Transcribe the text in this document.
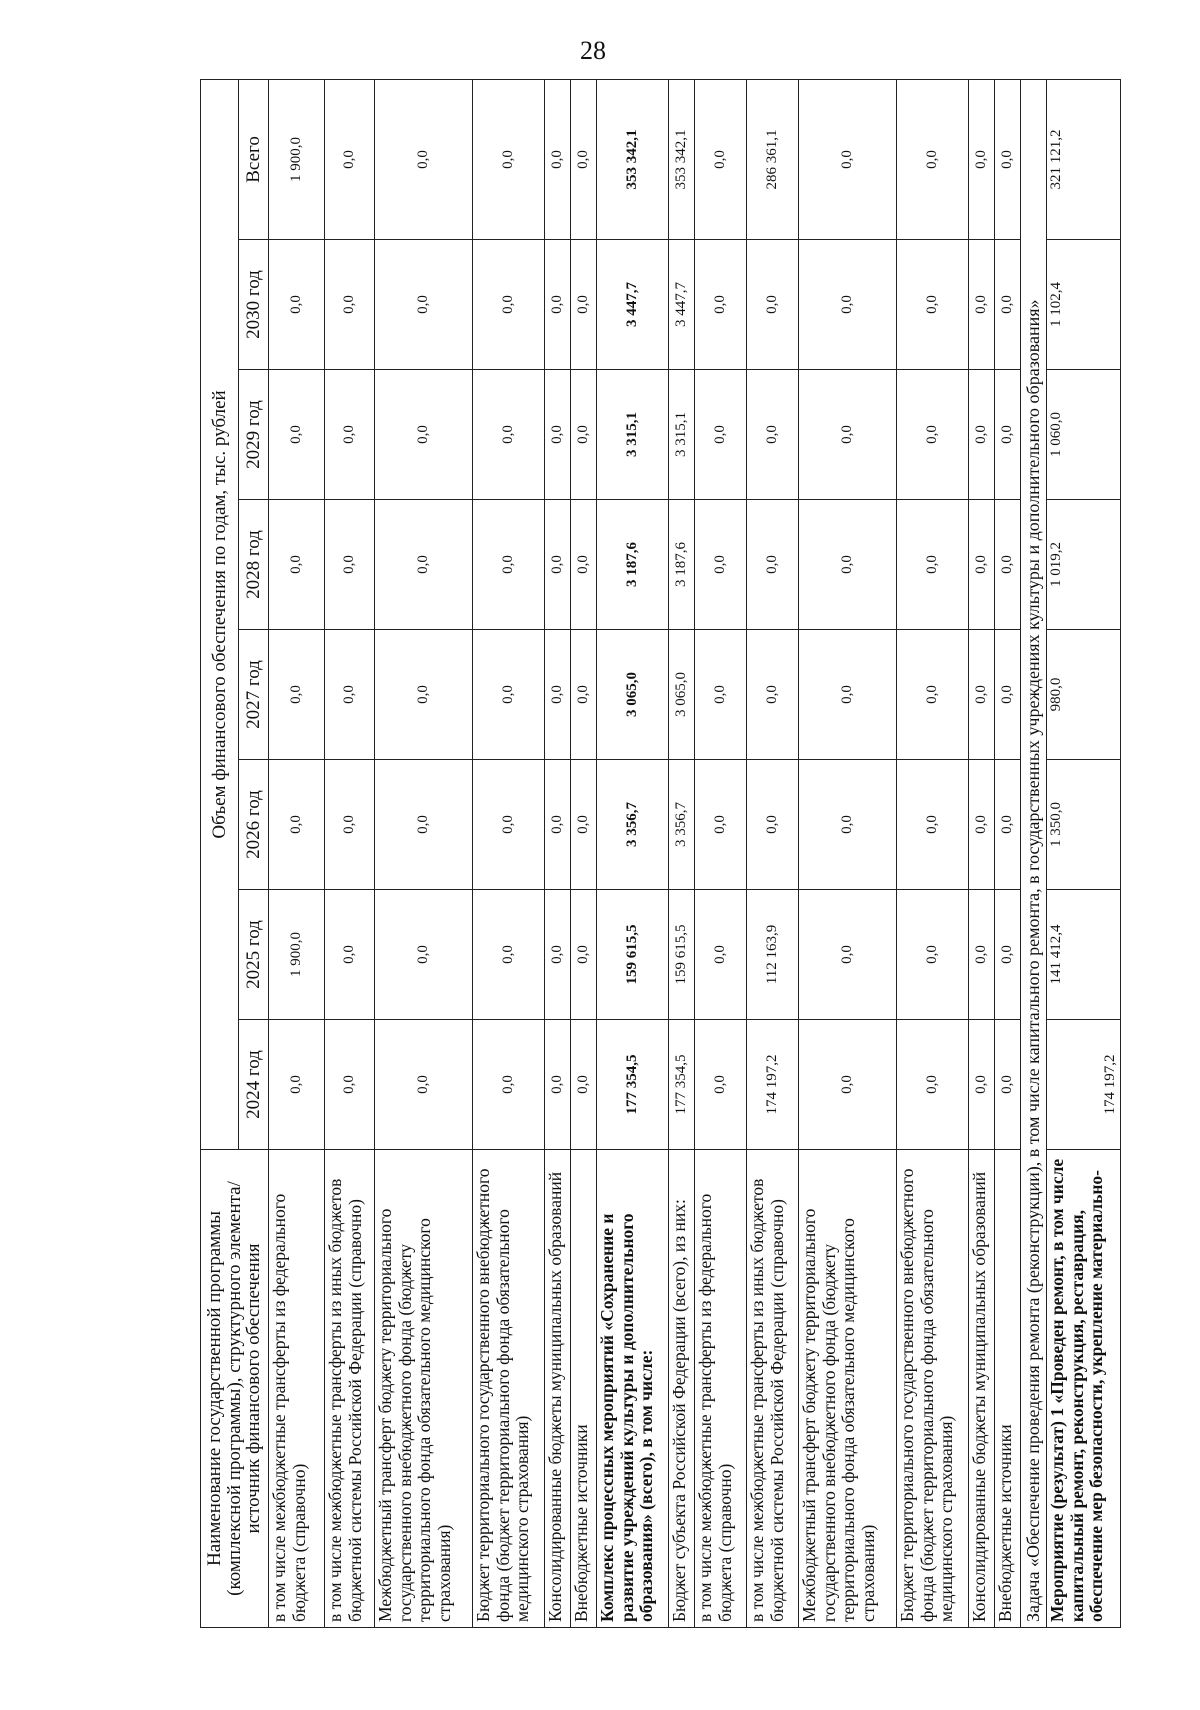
28
Наименование государственной программы (комплексной программы), структурного элемента/источник финансового обеспечения	Объем финансового обеспечения по годам, тыс. рублей							
	2024 год	2025 год	2026 год	2027 год	2028 год	2029 год	2030 год	Всего
в том числе межбюджетные трансферты из федерального бюджета (справочно)	0,0	1 900,0	0,0	0,0	0,0	0,0	0,0	1 900,0
в том числе межбюджетные трансферты из иных бюджетов бюджетной системы Российской Федерации (справочно)	0,0	0,0	0,0	0,0	0,0	0,0	0,0	0,0
Межбюджетный трансферт бюджету территориального государственного внебюджетного фонда (бюджету территориального фонда обязательного медицинского страхования)	0,0	0,0	0,0	0,0	0,0	0,0	0,0	0,0
Бюджет территориального государственного внебюджетного фонда (бюджет территориального фонда обязательного медицинского страхования)	0,0	0,0	0,0	0,0	0,0	0,0	0,0	0,0
Консолидированные бюджеты муниципальных образований	0,0	0,0	0,0	0,0	0,0	0,0	0,0	0,0
Внебюджетные источники	0,0	0,0	0,0	0,0	0,0	0,0	0,0	0,0
Комплекс процессных мероприятий «Сохранение и развитие учреждений культуры и дополнительного образования» (всего), в том числе:	177 354,5	159 615,5	3 356,7	3 065,0	3 187,6	3 315,1	3 447,7	353 342,1
Бюджет субъекта Российской Федерации (всего), из них:	177 354,5	159 615,5	3 356,7	3 065,0	3 187,6	3 315,1	3 447,7	353 342,1
в том числе межбюджетные трансферты из федерального бюджета (справочно)	0,0	0,0	0,0	0,0	0,0	0,0	0,0	0,0
в том числе межбюджетные трансферты из иных бюджетов бюджетной системы Российской Федерации (справочно)	174 197,2	112 163,9	0,0	0,0	0,0	0,0	0,0	286 361,1
Межбюджетный трансферт бюджету территориального государственного внебюджетного фонда (бюджету территориального фонда обязательного медицинского страхования)	0,0	0,0	0,0	0,0	0,0	0,0	0,0	0,0
Бюджет территориального государственного внебюджетного фонда (бюджет территориального фонда обязательного медицинского страхования)	0,0	0,0	0,0	0,0	0,0	0,0	0,0	0,0
Консолидированные бюджеты муниципальных образований	0,0	0,0	0,0	0,0	0,0	0,0	0,0	0,0
Внебюджетные источники	0,0	0,0	0,0	0,0	0,0	0,0	0,0	0,0
Задача «Обеспечение проведения ремонта (реконструкции), в том числе капитального ремонта, в государственных учреждениях культуры и дополнительного образования»								
Мероприятие (результат) 1 «Проведен ремонт, в том числе капитальный ремонт, реконструкция, реставрация, обеспечение мер безопасности, укрепление материально-	174 197,2	141 412,4	1 350,0	980,0	1 019,2	1 060,0	1 102,4	321 121,2
